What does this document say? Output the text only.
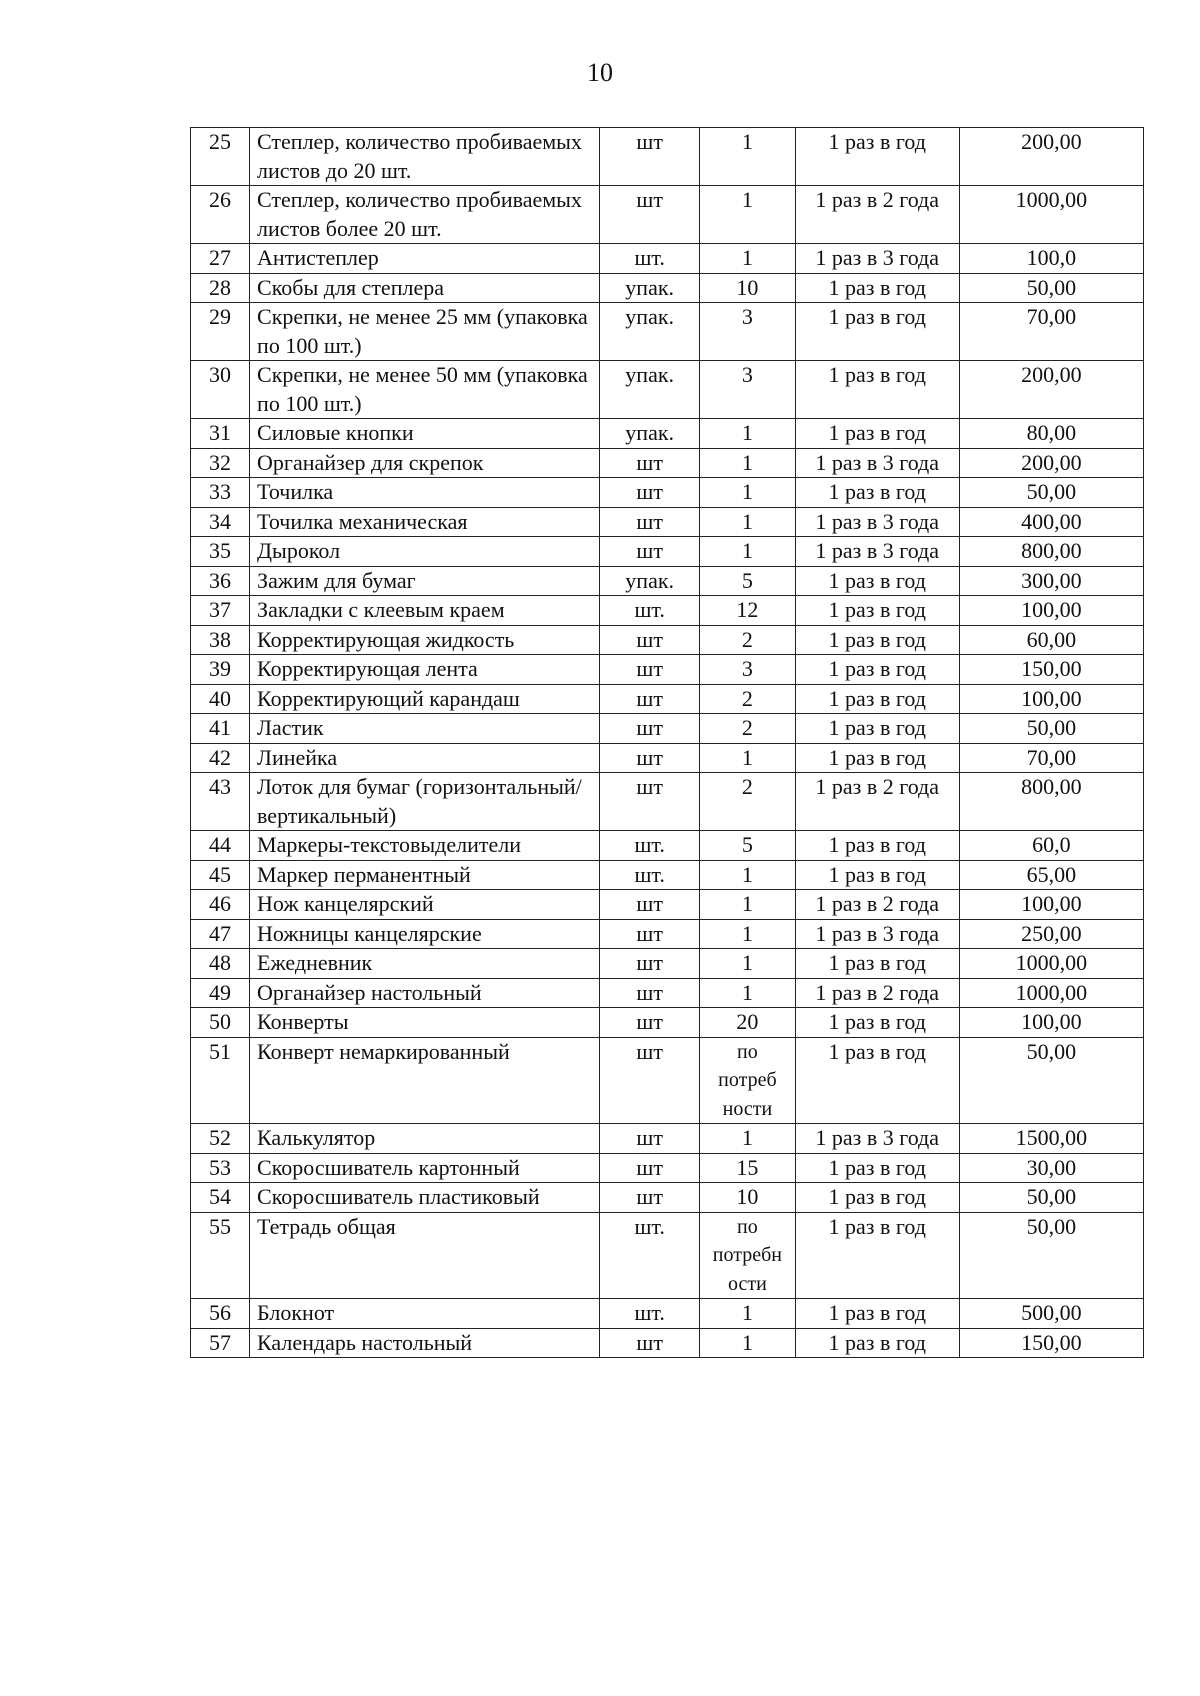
10
25	Степлер, количество пробиваемых листов до 20 шт.	шт	1	1 раз в год	200,00
26	Степлер, количество пробиваемых листов более 20 шт.	шт	1	1 раз в 2 года	1000,00
27	Антистеплер	шт.	1	1 раз в 3 года	100,0
28	Скобы для степлера	упак.	10	1 раз в год	50,00
29	Скрепки, не менее 25 мм (упаковка по 100 шт.)	упак.	3	1 раз в год	70,00
30	Скрепки, не менее 50 мм (упаковка по 100 шт.)	упак.	3	1 раз в год	200,00
31	Силовые кнопки	упак.	1	1 раз в год	80,00
32	Органайзер для скрепок	шт	1	1 раз в 3 года	200,00
33	Точилка	шт	1	1 раз в год	50,00
34	Точилка механическая	шт	1	1 раз в 3 года	400,00
35	Дырокол	шт	1	1 раз в 3 года	800,00
36	Зажим для бумаг	упак.	5	1 раз в год	300,00
37	Закладки с клеевым краем	шт.	12	1 раз в год	100,00
38	Корректирующая жидкость	шт	2	1 раз в год	60,00
39	Корректирующая лента	шт	3	1 раз в год	150,00
40	Корректирующий карандаш	шт	2	1 раз в год	100,00
41	Ластик	шт	2	1 раз в год	50,00
42	Линейка	шт	1	1 раз в год	70,00
43	Лоток для бумаг (горизонтальный/ вертикальный)	шт	2	1 раз в 2 года	800,00
44	Маркеры-текстовыделители	шт.	5	1 раз в год	60,0
45	Маркер перманентный	шт.	1	1 раз в год	65,00
46	Нож канцелярский	шт	1	1 раз в 2 года	100,00
47	Ножницы канцелярские	шт	1	1 раз в 3 года	250,00
48	Ежедневник	шт	1	1 раз в год	1000,00
49	Органайзер настольный	шт	1	1 раз в 2 года	1000,00
50	Конверты	шт	20	1 раз в год	100,00
51	Конверт немаркированный	шт	по потреб ности	1 раз в год	50,00
52	Калькулятор	шт	1	1 раз в 3 года	1500,00
53	Скоросшиватель картонный	шт	15	1 раз в год	30,00
54	Скоросшиватель пластиковый	шт	10	1 раз в год	50,00
55	Тетрадь общая	шт.	по потребн ости	1 раз в год	50,00
56	Блокнот	шт.	1	1 раз в год	500,00
57	Календарь настольный	шт	1	1 раз в год	150,00
